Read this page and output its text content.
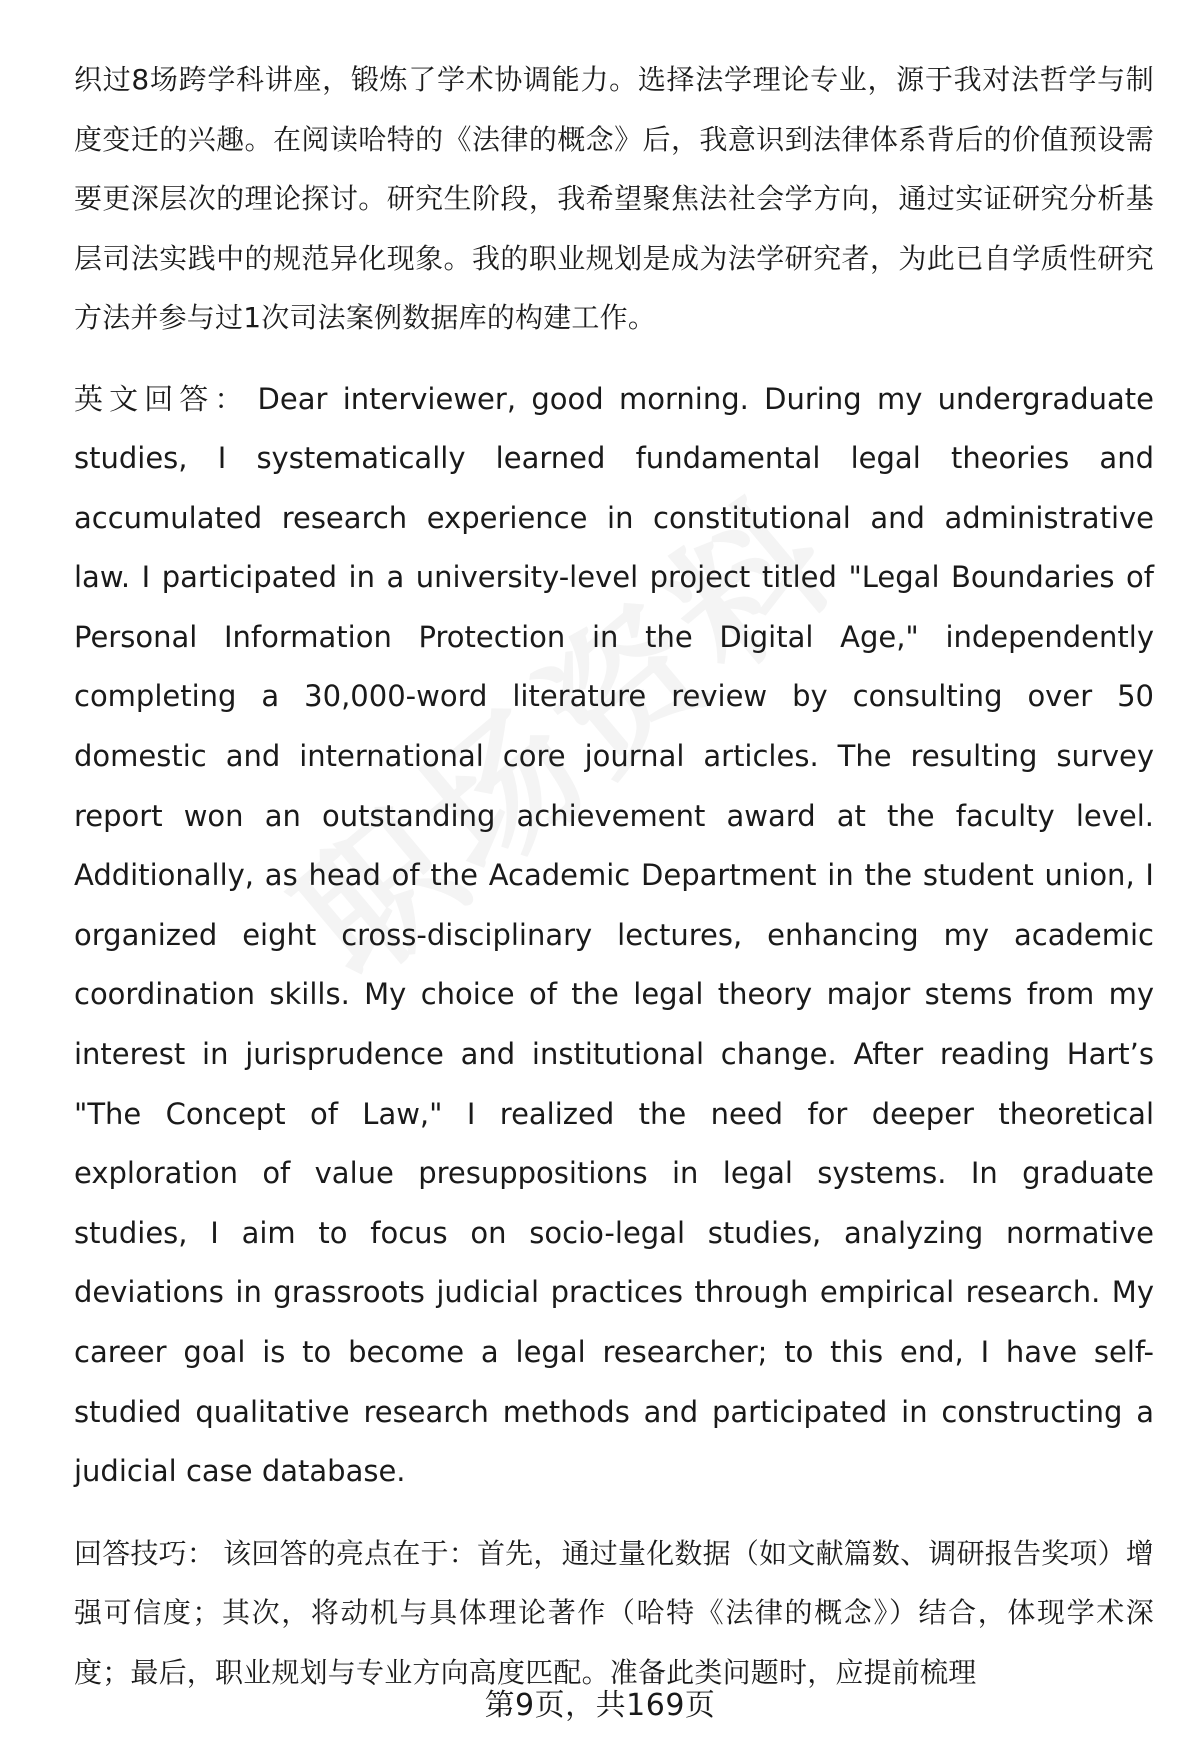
织过8场跨学科讲座，锻炼了学术协调能力。选择法学理论专业，源于我对法哲学与制度变迁的兴趣。在阅读哈特的《法律的概念》后，我意识到法律体系背后的价值预设需要更深层次的理论探讨。研究生阶段，我希望聚焦法社会学方向，通过实证研究分析基层司法实践中的规范异化现象。我的职业规划是成为法学研究者，为此已自学质性研究方法并参与过1次司法案例数据库的构建工作。

英文回答： Dear interviewer, good morning. During my undergraduate studies, I systematically learned fundamental legal theories and accumulated research experience in constitutional and administrative law. I participated in a university-level project titled "Legal Boundaries of Personal Information Protection in the Digital Age," independently completing a 30,000-word literature review by consulting over 50 domestic and international core journal articles. The resulting survey report won an outstanding achievement award at the faculty level. Additionally, as head of the Academic Department in the student union, I organized eight cross-disciplinary lectures, enhancing my academic coordination skills. My choice of the legal theory major stems from my interest in jurisprudence and institutional change. After reading Hart’s "The Concept of Law," I realized the need for deeper theoretical exploration of value presuppositions in legal systems. In graduate studies, I aim to focus on socio-legal studies, analyzing normative deviations in grassroots judicial practices through empirical research. My career goal is to become a legal researcher; to this end, I have self-studied qualitative research methods and participated in constructing a judicial case database.

回答技巧： 该回答的亮点在于：首先，通过量化数据（如文献篇数、调研报告奖项）增强可信度；其次，将动机与具体理论著作（哈特《法律的概念》）结合，体现学术深度；最后，职业规划与专业方向高度匹配。准备此类问题时，应提前梳理

第9页，共169页
